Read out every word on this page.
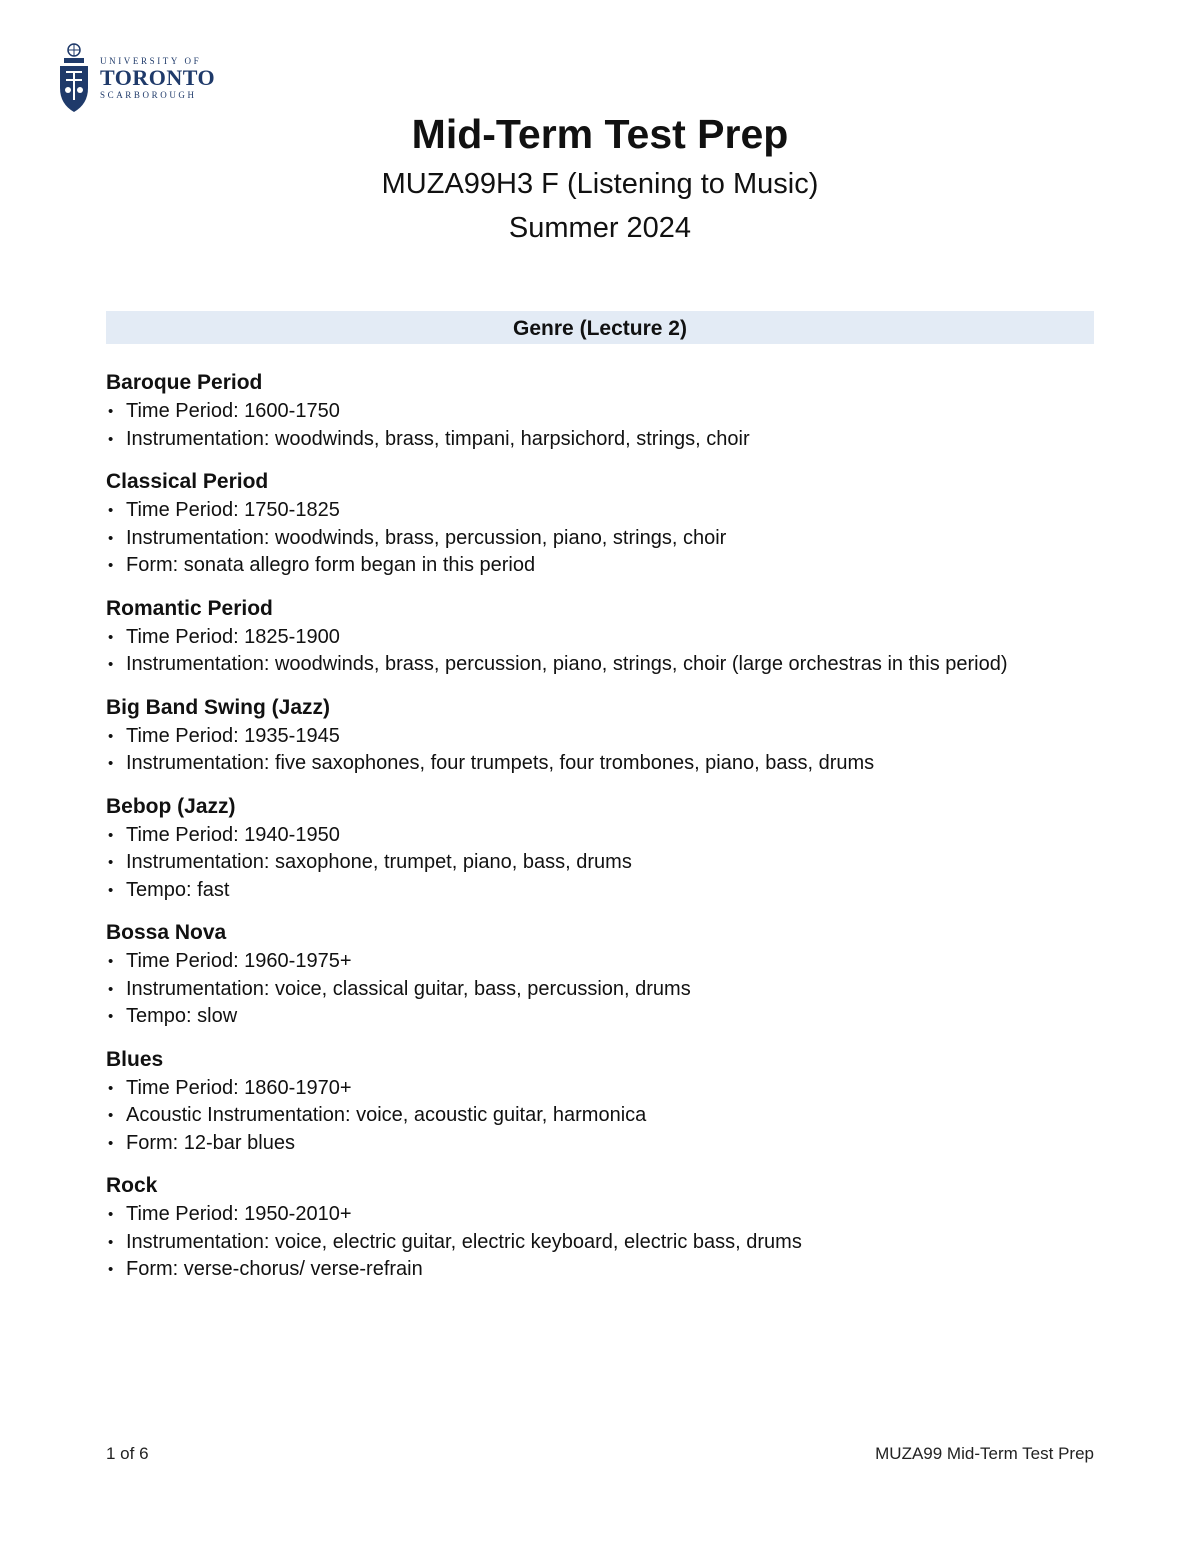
UNIVERSITY OF
TORONTO
SCARBOROUGH
Mid-Term Test Prep
MUZA99H3 F (Listening to Music)
Summer 2024
Genre (Lecture 2)
Baroque Period
• Time Period: 1600-1750
• Instrumentation: woodwinds, brass, timpani, harpsichord, strings, choir
Classical Period
• Time Period: 1750-1825
• Instrumentation: woodwinds, brass, percussion, piano, strings, choir
• Form: sonata allegro form began in this period
Romantic Period
• Time Period: 1825-1900
• Instrumentation: woodwinds, brass, percussion, piano, strings, choir (large orchestras in this period)
Big Band Swing (Jazz)
• Time Period: 1935-1945
• Instrumentation: five saxophones, four trumpets, four trombones, piano, bass, drums
Bebop (Jazz)
• Time Period: 1940-1950
• Instrumentation: saxophone, trumpet, piano, bass, drums
• Tempo: fast
Bossa Nova
• Time Period: 1960-1975+
• Instrumentation: voice, classical guitar, bass, percussion, drums
• Tempo: slow
Blues
• Time Period: 1860-1970+
• Acoustic Instrumentation: voice, acoustic guitar, harmonica
• Form: 12-bar blues
Rock
• Time Period: 1950-2010+
• Instrumentation: voice, electric guitar, electric keyboard, electric bass, drums
• Form: verse-chorus/ verse-refrain
1 of 6	MUZA99 Mid-Term Test Prep
